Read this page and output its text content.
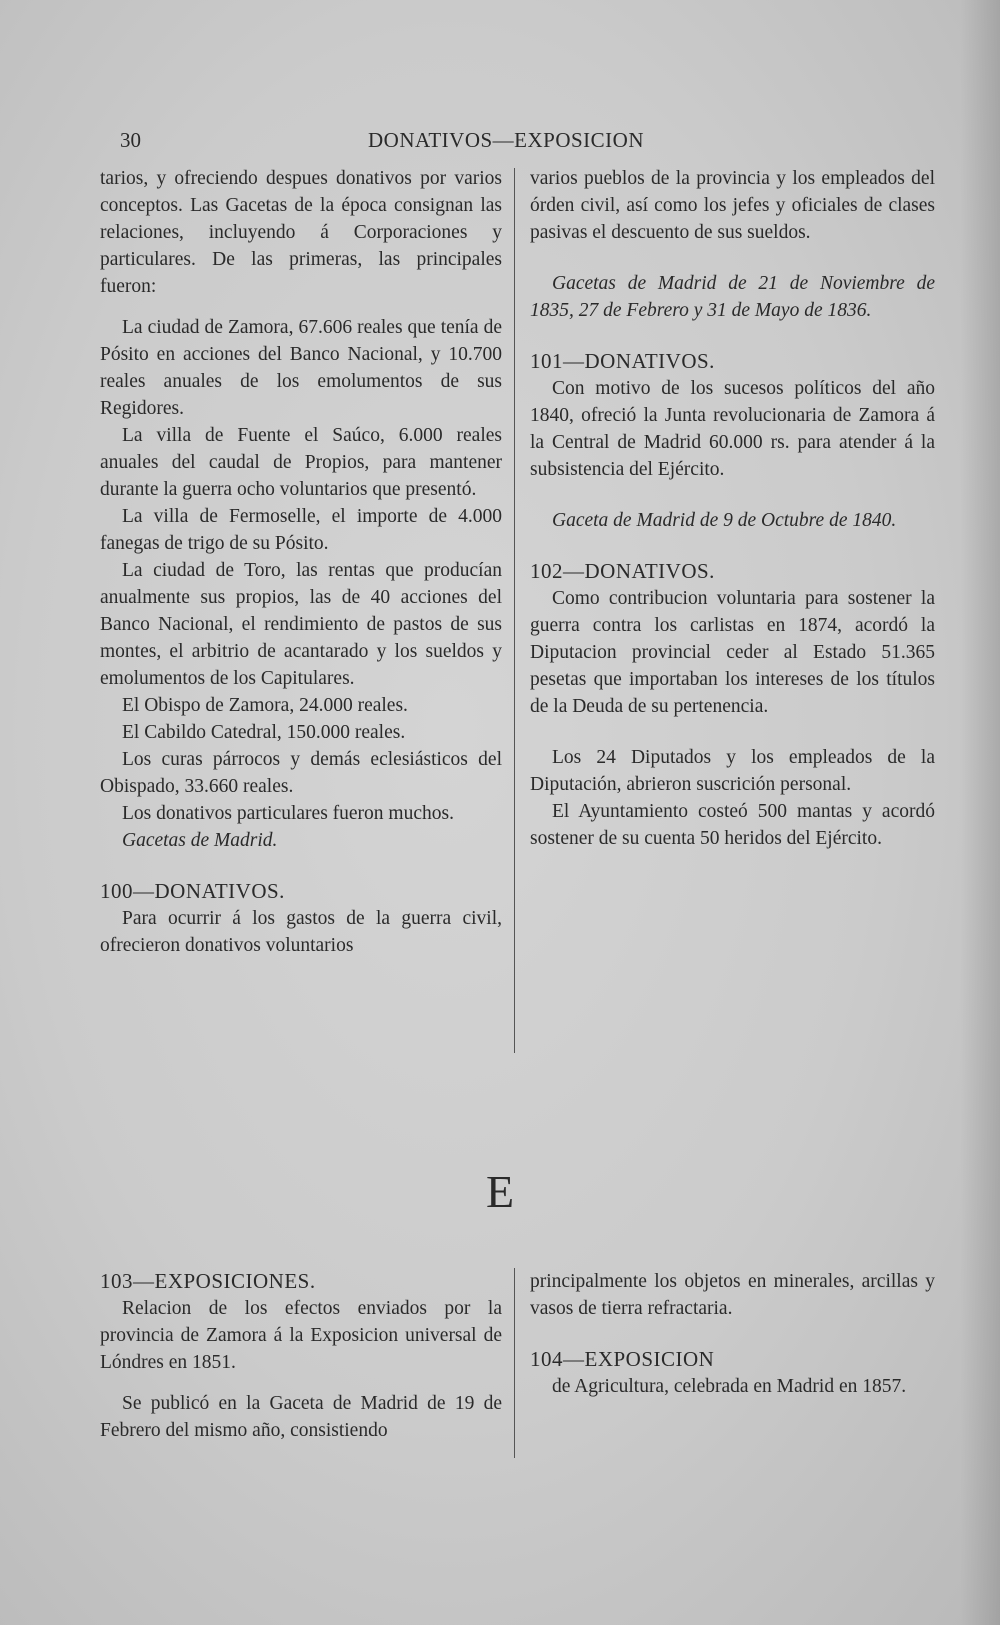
30	DONATIVOS—EXPOSICION

tarios, y ofreciendo despues donativos por varios conceptos. Las Gacetas de la época consignan las relaciones, incluyendo á Corporaciones y particulares. De las primeras, las principales fueron:

La ciudad de Zamora, 67.606 reales que tenía de Pósito en acciones del Banco Nacional, y 10.700 reales anuales de los emolumentos de sus Regidores.

La villa de Fuente el Saúco, 6.000 reales anuales del caudal de Propios, para mantener durante la guerra ocho voluntarios que presentó.

La villa de Fermoselle, el importe de 4.000 fanegas de trigo de su Pósito.

La ciudad de Toro, las rentas que producían anualmente sus propios, las de 40 acciones del Banco Nacional, el rendimiento de pastos de sus montes, el arbitrio de acantarado y los sueldos y emolumentos de los Capitulares.

El Obispo de Zamora, 24.000 reales.

El Cabildo Catedral, 150.000 reales.

Los curas párrocos y demás eclesiásticos del Obispado, 33.660 reales.

Los donativos particulares fueron muchos.

Gacetas de Madrid.

100—DONATIVOS.

Para ocurrir á los gastos de la guerra civil, ofrecieron donativos voluntarios

varios pueblos de la provincia y los empleados del órden civil, así como los jefes y oficiales de clases pasivas el descuento de sus sueldos.

Gacetas de Madrid de 21 de Noviembre de 1835, 27 de Febrero y 31 de Mayo de 1836.

101—DONATIVOS.

Con motivo de los sucesos políticos del año 1840, ofreció la Junta revolucionaria de Zamora á la Central de Madrid 60.000 rs. para atender á la subsistencia del Ejército.

Gaceta de Madrid de 9 de Octubre de 1840.

102—DONATIVOS.

Como contribucion voluntaria para sostener la guerra contra los carlistas en 1874, acordó la Diputacion provincial ceder al Estado 51.365 pesetas que importaban los intereses de los títulos de la Deuda de su pertenencia.

Los 24 Diputados y los empleados de la Diputación, abrieron suscrición personal.

El Ayuntamiento costeó 500 mantas y acordó sostener de su cuenta 50 heridos del Ejército.

E

103—EXPOSICIONES.

Relacion de los efectos enviados por la provincia de Zamora á la Exposicion universal de Lóndres en 1851.

Se publicó en la Gaceta de Madrid de 19 de Febrero del mismo año, consistiendo

principalmente los objetos en minerales, arcillas y vasos de tierra refractaria.

104—EXPOSICION

de Agricultura, celebrada en Madrid en 1857.
